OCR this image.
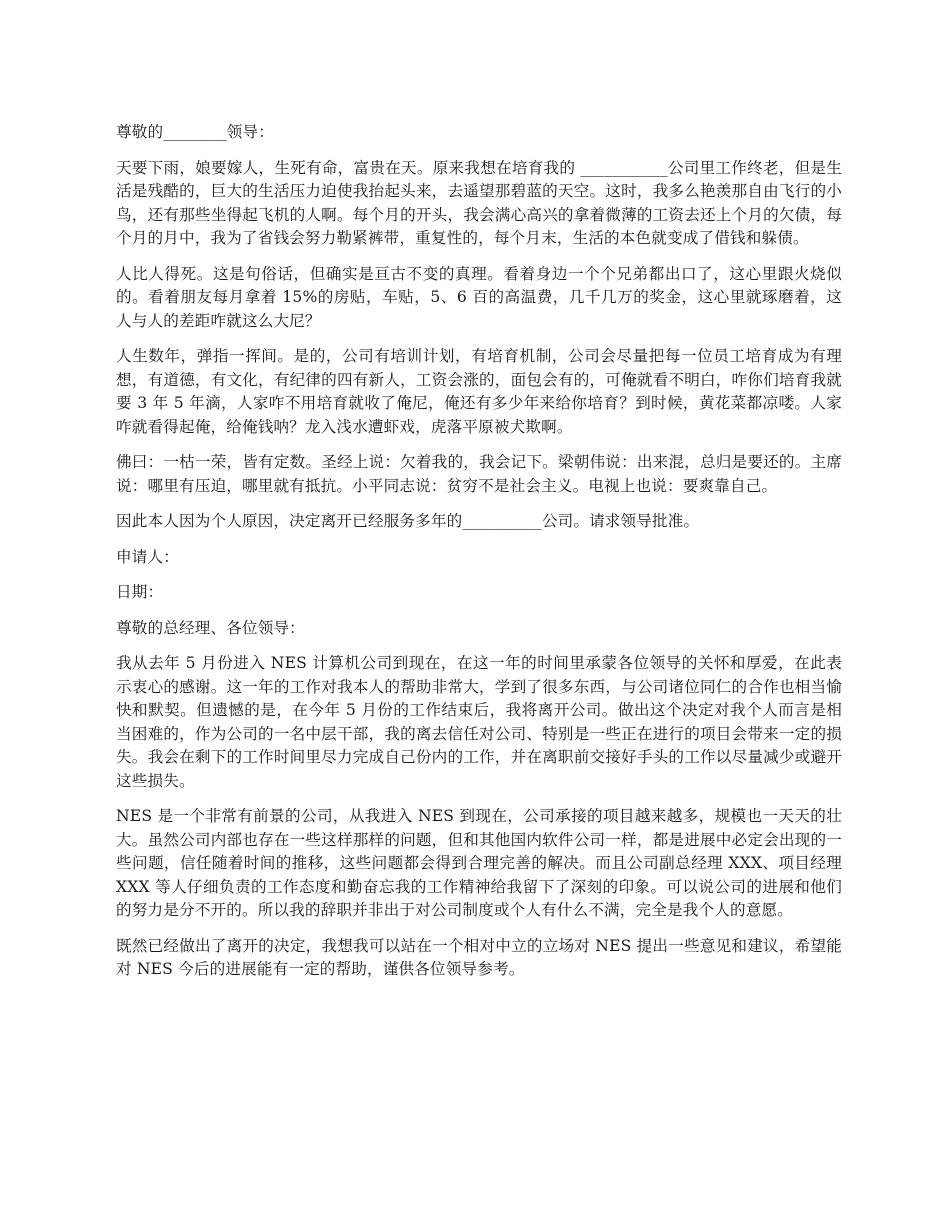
尊敬的________领导：

天要下雨，娘要嫁人，生死有命，富贵在天。原来我想在培育我的 ___________公司里工作终老，但是生活是残酷的，巨大的生活压力迫使我抬起头来，去遥望那碧蓝的天空。这时，我多么艳羡那自由飞行的小鸟，还有那些坐得起飞机的人啊。每个月的开头，我会满心高兴的拿着微薄的工资去还上个月的欠债，每个月的月中，我为了省钱会努力勒紧裤带，重复性的，每个月末，生活的本色就变成了借钱和躲债。

人比人得死。这是句俗话，但确实是亘古不变的真理。看着身边一个个兄弟都出口了，这心里跟火烧似的。看着朋友每月拿着 15%的房贴，车贴，5、6 百的高温费，几千几万的奖金，这心里就琢磨着，这人与人的差距咋就这么大尼？

人生数年，弹指一挥间。是的，公司有培训计划，有培育机制，公司会尽量把每一位员工培育成为有理想，有道德，有文化，有纪律的四有新人，工资会涨的，面包会有的，可俺就看不明白，咋你们培育我就要 3 年 5 年滴，人家咋不用培育就收了俺尼，俺还有多少年来给你培育？到时候，黄花菜都凉喽。人家咋就看得起俺，给俺钱呐？龙入浅水遭虾戏，虎落平原被犬欺啊。

佛曰：一枯一荣，皆有定数。圣经上说：欠着我的，我会记下。梁朝伟说：出来混，总归是要还的。主席说：哪里有压迫，哪里就有抵抗。小平同志说：贫穷不是社会主义。电视上也说：要爽靠自己。

因此本人因为个人原因，决定离开已经服务多年的__________公司。请求领导批准。

申请人：

日期：

尊敬的总经理、各位领导：

我从去年 5 月份进入 NES 计算机公司到现在，在这一年的时间里承蒙各位领导的关怀和厚爱，在此表示衷心的感谢。这一年的工作对我本人的帮助非常大，学到了很多东西，与公司诸位同仁的合作也相当愉快和默契。但遗憾的是，在今年 5 月份的工作结束后，我将离开公司。做出这个决定对我个人而言是相当困难的，作为公司的一名中层干部，我的离去信任对公司、特别是一些正在进行的项目会带来一定的损失。我会在剩下的工作时间里尽力完成自己份内的工作，并在离职前交接好手头的工作以尽量减少或避开这些损失。

NES 是一个非常有前景的公司，从我进入 NES 到现在，公司承接的项目越来越多，规模也一天天的壮大。虽然公司内部也存在一些这样那样的问题，但和其他国内软件公司一样，都是进展中必定会出现的一些问题，信任随着时间的推移，这些问题都会得到合理完善的解决。而且公司副总经理 XXX、项目经理 XXX 等人仔细负责的工作态度和勤奋忘我的工作精神给我留下了深刻的印象。可以说公司的进展和他们的努力是分不开的。所以我的辞职并非出于对公司制度或个人有什么不满，完全是我个人的意愿。

既然已经做出了离开的决定，我想我可以站在一个相对中立的立场对 NES 提出一些意见和建议，希望能对 NES 今后的进展能有一定的帮助，谨供各位领导参考。
